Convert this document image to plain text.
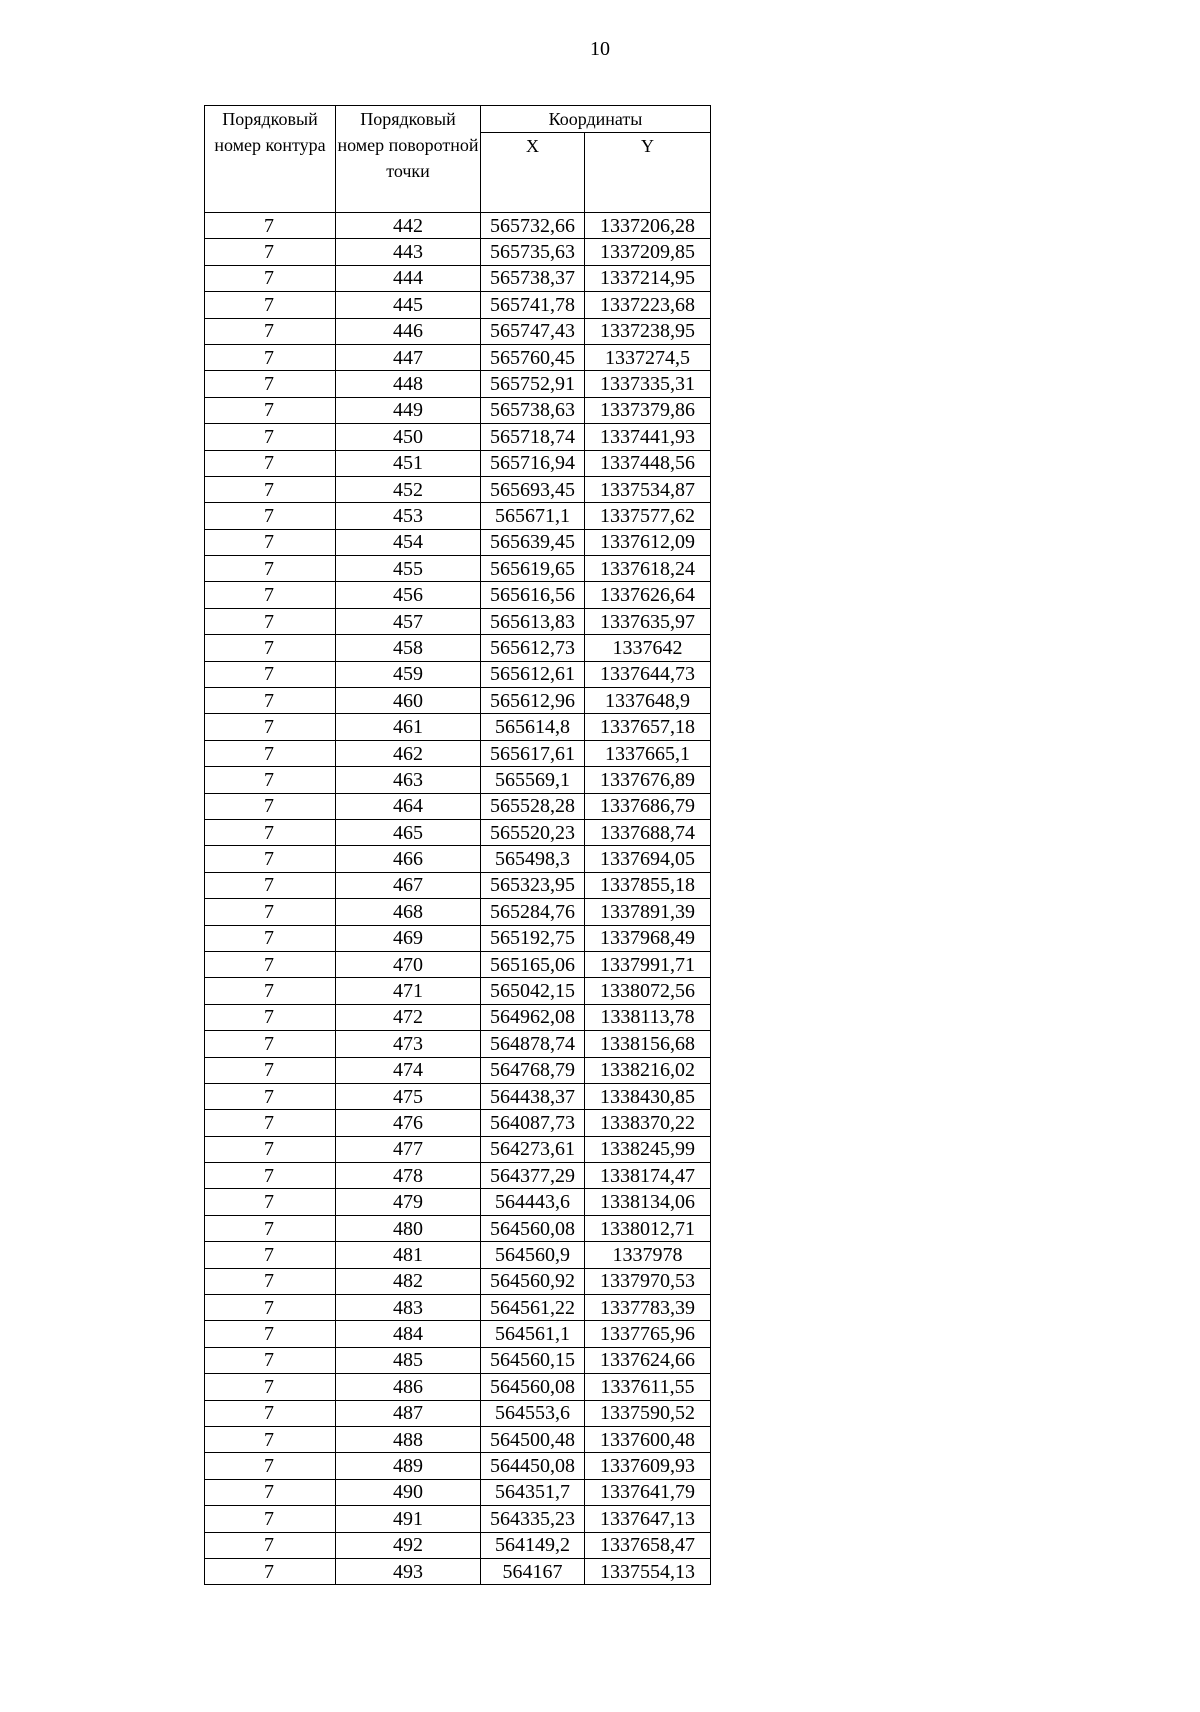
10
Порядковый номер контура	Порядковый номер поворотной точки	Координаты	
		X	Y
7	442	565732,66	1337206,28
7	443	565735,63	1337209,85
7	444	565738,37	1337214,95
7	445	565741,78	1337223,68
7	446	565747,43	1337238,95
7	447	565760,45	1337274,5
7	448	565752,91	1337335,31
7	449	565738,63	1337379,86
7	450	565718,74	1337441,93
7	451	565716,94	1337448,56
7	452	565693,45	1337534,87
7	453	565671,1	1337577,62
7	454	565639,45	1337612,09
7	455	565619,65	1337618,24
7	456	565616,56	1337626,64
7	457	565613,83	1337635,97
7	458	565612,73	1337642
7	459	565612,61	1337644,73
7	460	565612,96	1337648,9
7	461	565614,8	1337657,18
7	462	565617,61	1337665,1
7	463	565569,1	1337676,89
7	464	565528,28	1337686,79
7	465	565520,23	1337688,74
7	466	565498,3	1337694,05
7	467	565323,95	1337855,18
7	468	565284,76	1337891,39
7	469	565192,75	1337968,49
7	470	565165,06	1337991,71
7	471	565042,15	1338072,56
7	472	564962,08	1338113,78
7	473	564878,74	1338156,68
7	474	564768,79	1338216,02
7	475	564438,37	1338430,85
7	476	564087,73	1338370,22
7	477	564273,61	1338245,99
7	478	564377,29	1338174,47
7	479	564443,6	1338134,06
7	480	564560,08	1338012,71
7	481	564560,9	1337978
7	482	564560,92	1337970,53
7	483	564561,22	1337783,39
7	484	564561,1	1337765,96
7	485	564560,15	1337624,66
7	486	564560,08	1337611,55
7	487	564553,6	1337590,52
7	488	564500,48	1337600,48
7	489	564450,08	1337609,93
7	490	564351,7	1337641,79
7	491	564335,23	1337647,13
7	492	564149,2	1337658,47
7	493	564167	1337554,13
